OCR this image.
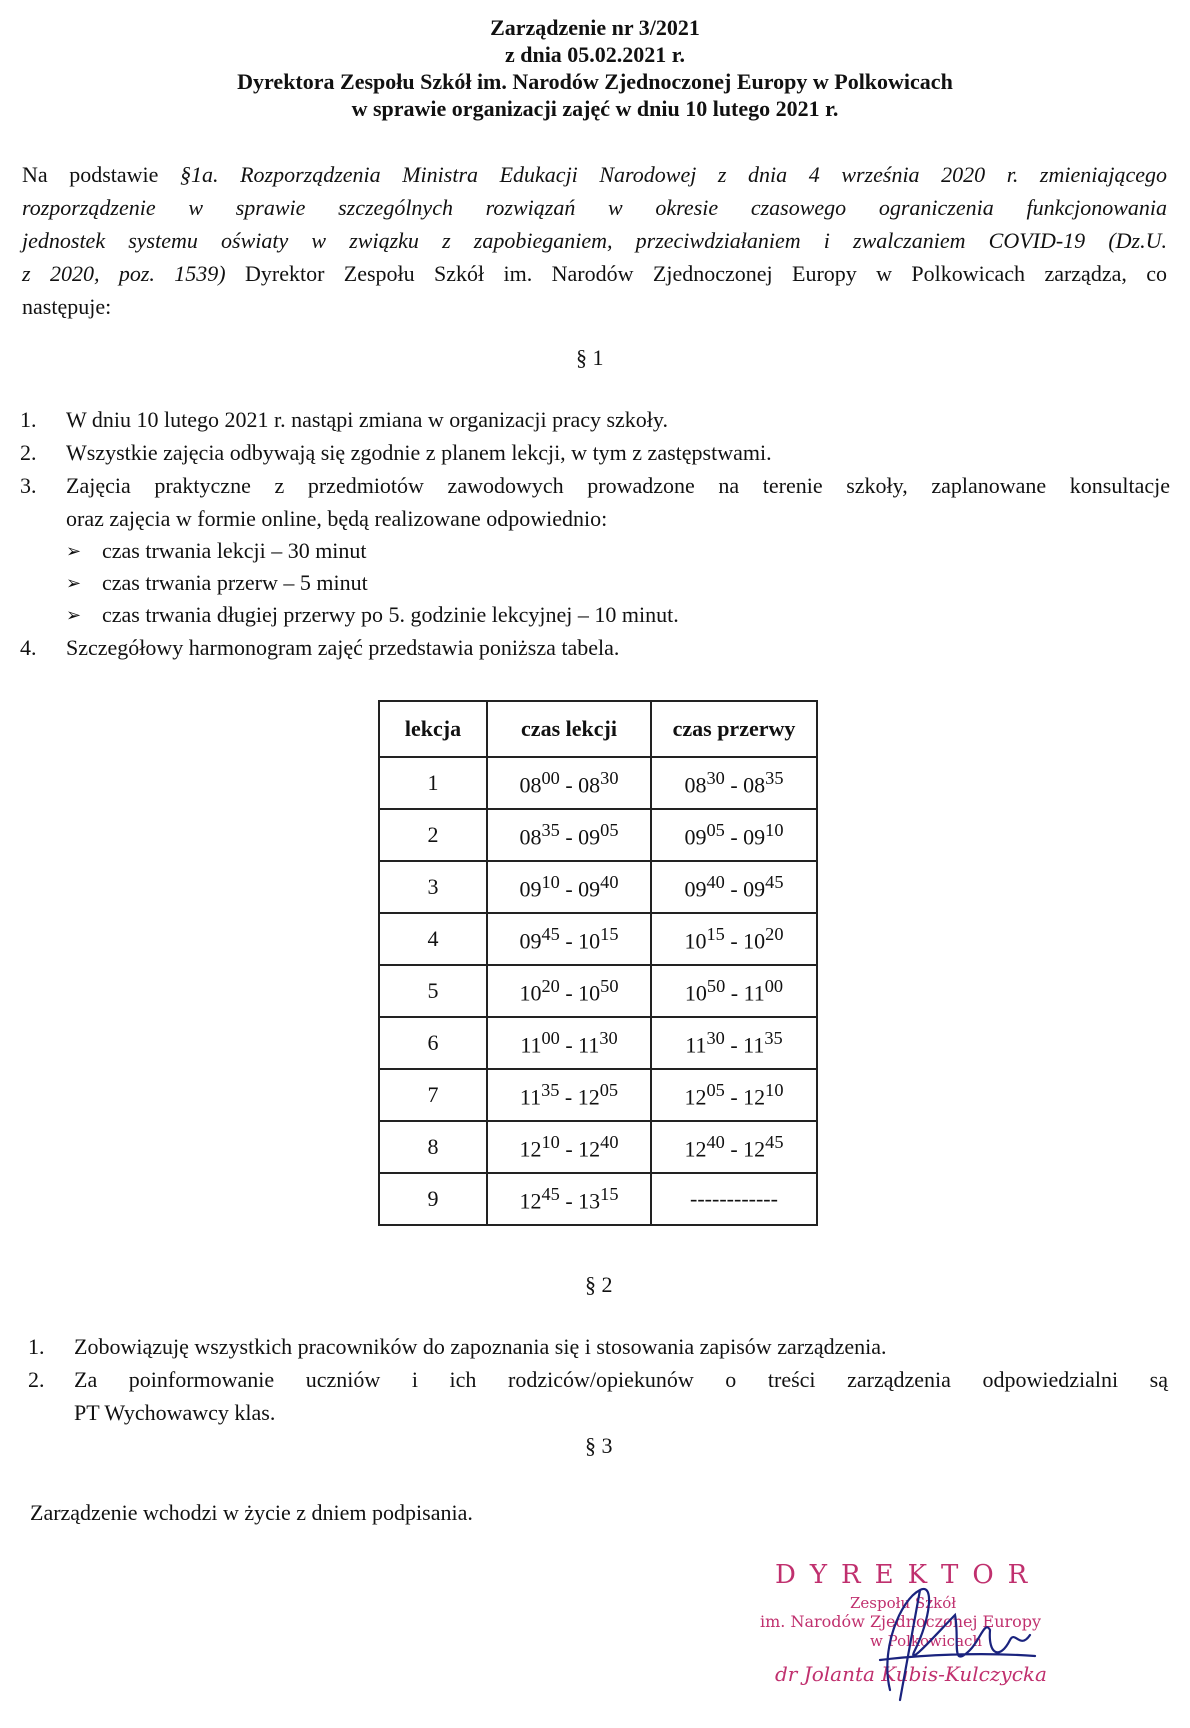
Zarządzenie nr 3/2021
z dnia 05.02.2021 r.
Dyrektora Zespołu Szkół im. Narodów Zjednoczonej Europy w Polkowicach
w sprawie organizacji zajęć w dniu 10 lutego 2021 r.
Na podstawie §1a. Rozporządzenia Ministra Edukacji Narodowej z dnia 4 września 2020 r. zmieniającego
rozporządzenie w sprawie szczególnych rozwiązań w okresie czasowego ograniczenia funkcjonowania
jednostek systemu oświaty w związku z zapobieganiem, przeciwdziałaniem i zwalczaniem COVID-19 (Dz.U.
z 2020, poz. 1539) Dyrektor Zespołu Szkół im. Narodów Zjednoczonej Europy w Polkowicach zarządza, co
następuje:
§ 1
1. W dniu 10 lutego 2021 r. nastąpi zmiana w organizacji pracy szkoły.
2. Wszystkie zajęcia odbywają się zgodnie z planem lekcji, w tym z zastępstwami.
3. Zajęcia praktyczne z przedmiotów zawodowych prowadzone na terenie szkoły, zaplanowane konsultacje
oraz zajęcia w formie online, będą realizowane odpowiednio:
➢ czas trwania lekcji – 30 minut
➢ czas trwania przerw – 5 minut
➢ czas trwania długiej przerwy po 5. godzinie lekcyjnej – 10 minut.
4. Szczegółowy harmonogram zajęć przedstawia poniższa tabela.
lekcja	czas lekcji	czas przerwy
1	$08^{00} - 08^{30}$	$08^{30} - 08^{35}$
2	$08^{35} - 09^{05}$	$09^{05} - 09^{10}$
3	$09^{10} - 09^{40}$	$09^{40} - 09^{45}$
4	$09^{45} - 10^{15}$	$10^{15} - 10^{20}$
5	$10^{20} - 10^{50}$	$10^{50} - 11^{00}$
6	$11^{00} - 11^{30}$	$11^{30} - 11^{35}$
7	$11^{35} - 12^{05}$	$12^{05} - 12^{10}$
8	$12^{10} - 12^{40}$	$12^{40} - 12^{45}$
9	$12^{45} - 13^{15}$	------------
§ 2
1. Zobowiązuję wszystkich pracowników do zapoznania się i stosowania zapisów zarządzenia.
2. Za poinformowanie uczniów i ich rodziców/opiekunów o treści zarządzenia odpowiedzialni są
PT Wychowawcy klas.
§ 3
Zarządzenie wchodzi w życie z dniem podpisania.
DYREKTOR
Zespołu Szkół
im. Narodów Zjednoczonej Europy
w Polkowicach
dr Jolanta Kubis-Kulczycka
